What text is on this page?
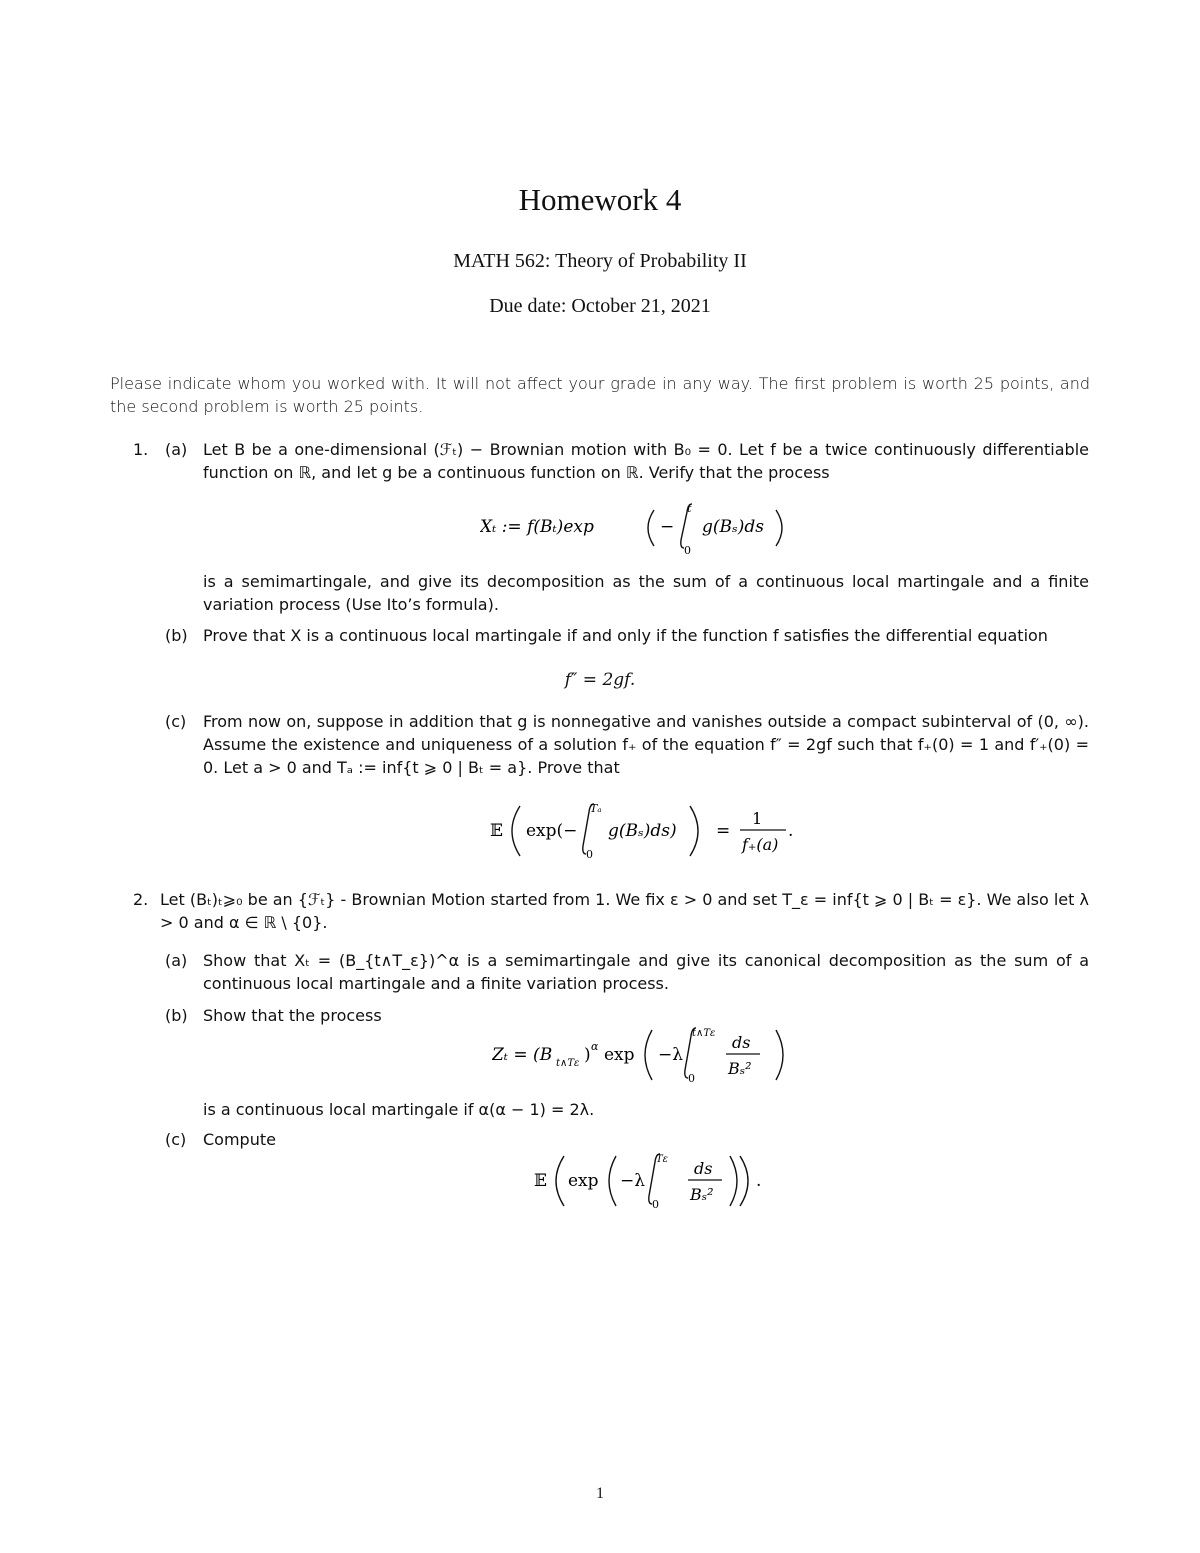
Homework 4
MATH 562: Theory of Probability II
Due date: October 21, 2021
Please indicate whom you worked with. It will not affect your grade in any way. The first problem is worth 25 points, and the second problem is worth 25 points.
1. (a) Let B be a one-dimensional (ℱₜ) − Brownian motion with B₀ = 0. Let f be a twice continuously differentiable function on ℝ, and let g be a continuous function on ℝ. Verify that the process
Xₜ := f(Bₜ)exp	−
t
0
g(Bₛ)ds
is a semimartingale, and give its decomposition as the sum of a continuous local martingale and a finite variation process (Use Ito’s formula).
(b) Prove that X is a continuous local martingale if and only if the function f satisfies the differential equation
f″ = 2gf.
(c) From now on, suppose in addition that g is nonnegative and vanishes outside a compact subinterval of (0, ∞). Assume the existence and uniqueness of a solution f₊ of the equation f″ = 2gf such that f₊(0) = 1 and f′₊(0) = 0. Let a > 0 and Tₐ := inf{t ⩾ 0 | Bₜ = a}. Prove that
𝔼 exp(−
Tₐ
0
g(Bₛ)ds) =
1
f₊(a)
.
2. Let (Bₜ)ₜ⩾₀ be an {ℱₜ} - Brownian Motion started from 1. We fix ε > 0 and set T_ε = inf{t ⩾ 0 | Bₜ = ε}. We also let λ > 0 and α ∈ ℝ \ {0}.
(a) Show that Xₜ = (B_{t∧T_ε})^α is a semimartingale and give its canonical decomposition as the sum of a continuous local martingale and a finite variation process.
(b) Show that the process
Zₜ = (B t∧Tε ) α exp −λ
t∧Tε
0
ds
Bₛ²
is a continuous local martingale if α(α − 1) = 2λ.
(c) Compute
𝔼 exp −λ
Tε
0
ds
Bₛ²
.
1
